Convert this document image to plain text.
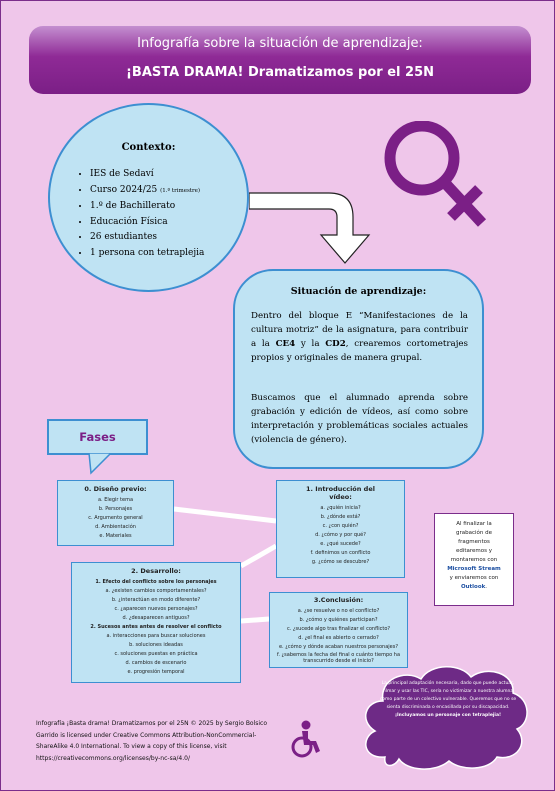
Infografía sobre la situación de aprendizaje:
¡BASTA DRAMA! Dramatizamos por el 25N
Contexto:
• IES de Sedaví
• Curso 2024/25 (1.º trimestre)
• 1.º de Bachillerato
• Educación Física
• 26 estudiantes
• 1 persona con tetraplejia
Situación de aprendizaje:

Dentro del bloque E “Manifestaciones de la cultura motriz” de la asignatura, para contribuir a la CE4 y la CD2, crearemos cortometrajes propios y originales de manera grupal.

Buscamos que el alumnado aprenda sobre grabación y edición de vídeos, así como sobre interpretación y problemáticas sociales actuales (violencia de género).

Fases
0. Diseño previo:
a. Elegir tema
b. Personajes
c. Argumento general
d. Ambientación
e. Materiales
1. Introducción del
vídeo:
a. ¿quién inicia?
b. ¿dónde está?
c. ¿con quién?
d. ¿cómo y por qué?
e. ¿qué sucede?
f. definimos un conflicto
g. ¿cómo se descubre?
2. Desarrollo:
1. Efecto del conflicto sobre los personajes
a. ¿existen cambios comportamentales?
b. ¿interactúan en modo diferente?
c. ¿aparecen nuevos personajes?
d. ¿desaparecen antiguos?
2. Sucesos antes antes de resolver el conflicto
a. interacciones para buscar soluciones
b. soluciones ideadas
c. soluciones puestas en práctica
d. cambios de escenario
e. progresión temporal
3.Conclusión:
a. ¿se resuelve o no el conflicto?
b. ¿cómo y quiénes participan?
c. ¿sucede algo tras finalizar el conflicto?
d. ¿el final es abierto o cerrado?
e. ¿cómo y dónde acaban nuestros personajes?
f. ¿sabemos la fecha del final o cuánto tiempo ha
transcurrido desde el inicio?
Al finalizar la
grabación de
fragmentos
editaremos y
montaremos con
Microsoft Stream
y enviaremos con
Outlook.
La principal adaptación necesaria, dado que puede actuar, filmar y usar las TIC, sería no victimizar a nuestra alumna como parte de un colectivo vulnerable. Queremos que no se sienta discriminada o encasillada por su discapacidad.
¡Incluyamos un personaje con tetraplejia!
Infografía ¡Basta drama! Dramatizamos por el 25N © 2025 by Sergio Bolsico Garrido is licensed under Creative Commons Attribution-NonCommercial-ShareAlike 4.0 International. To view a copy of this license, visit https://creativecommons.org/licenses/by-nc-sa/4.0/
